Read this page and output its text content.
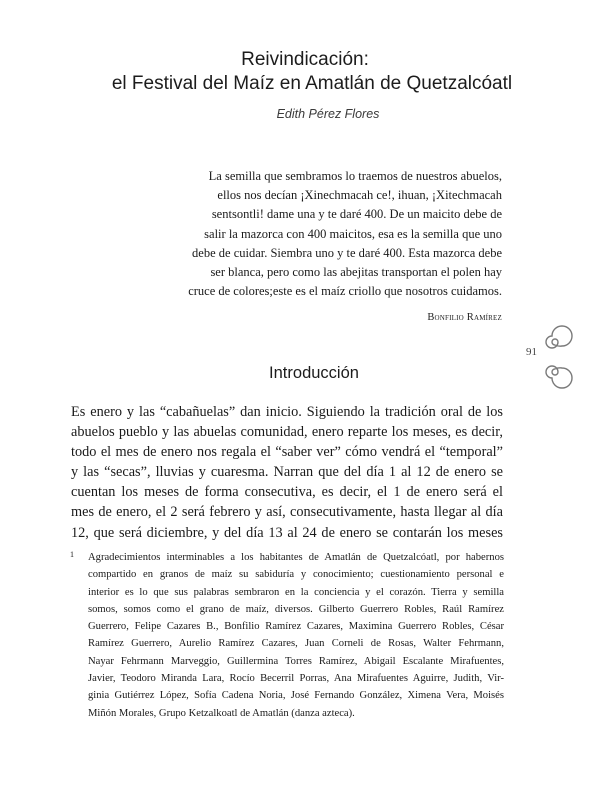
Reivindicación:
el Festival del Maíz en Amatlán de Quetzalcóatl
Edith Pérez Flores
La semilla que sembramos lo traemos de nuestros abuelos,
ellos nos decían ¡Xinechmacah ce!, ihuan, ¡Xitechmacah
sentsontli! dame una y te daré 400. De un maicito debe de
salir la mazorca con 400 maicitos, esa es la semilla que uno
debe de cuidar. Siembra uno y te daré 400. Esta mazorca debe
ser blanca, pero como las abejitas transportan el polen hay
cruce de colores;este es el maíz criollo que nosotros cuidamos.
Bonfilio Ramírez
91
Introducción
Es enero y las “cabañuelas” dan inicio. Siguiendo la tradición oral de los
abuelos pueblo y las abuelas comunidad, enero reparte los meses, es decir,
todo el mes de enero nos regala el “saber ver” cómo vendrá el “temporal”
y las “secas”, lluvias y cuaresma. Narran que del día 1 al 12 de enero se
cuentan los meses de forma consecutiva, es decir, el 1 de enero será el
mes de enero, el 2 será febrero y así, consecutivamente, hasta llegar al día
12, que será diciembre, y del día 13 al 24 de enero se contarán los meses
1 Agradecimientos interminables a los habitantes de Amatlán de Quetzalcóatl, por habernos
compartido en granos de maíz su sabiduría y conocimiento; cuestionamiento personal e
interior es lo que sus palabras sembraron en la conciencia y el corazón. Tierra y semilla
somos, somos como el grano de maíz, diversos. Gilberto Guerrero Robles, Raúl Ramírez
Guerrero, Felipe Cazares B., Bonfilio Ramírez Cazares, Maximina Guerrero Robles, César
Ramírez Guerrero, Aurelio Ramírez Cazares, Juan Corneli de Rosas, Walter Fehrmann,
Nayar Fehrmann Marveggio, Guillermina Torres Ramírez, Abigail Escalante Mirafuentes,
Javier, Teodoro Miranda Lara, Rocío Becerril Porras, Ana Mirafuentes Aguirre, Judith, Vir-
ginia Gutiérrez López, Sofía Cadena Noria, José Fernando González, Ximena Vera, Moisés
Miñón Morales, Grupo Ketzalkoatl de Amatlán (danza azteca).
